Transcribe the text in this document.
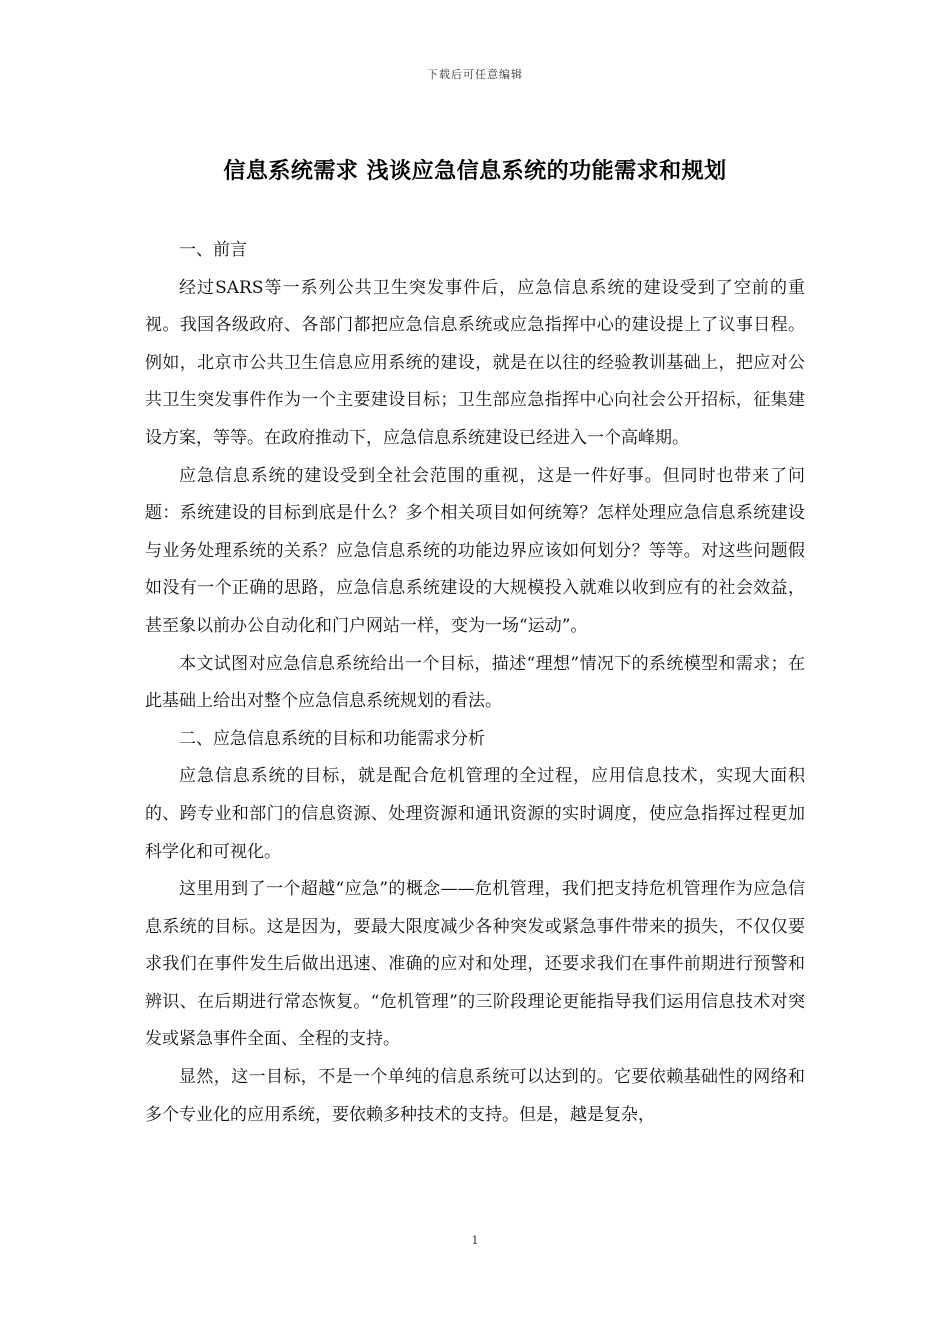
下载后可任意编辑
信息系统需求 浅谈应急信息系统的功能需求和规划

一、前言

经过SARS等一系列公共卫生突发事件后，应急信息系统的建设受到了空前的重视。我国各级政府、各部门都把应急信息系统或应急指挥中心的建设提上了议事日程。例如，北京市公共卫生信息应用系统的建设，就是在以往的经验教训基础上，把应对公共卫生突发事件作为一个主要建设目标；卫生部应急指挥中心向社会公开招标，征集建设方案，等等。在政府推动下，应急信息系统建设已经进入一个高峰期。

应急信息系统的建设受到全社会范围的重视，这是一件好事。但同时也带来了问题：系统建设的目标到底是什么？多个相关项目如何统筹？怎样处理应急信息系统建设与业务处理系统的关系？应急信息系统的功能边界应该如何划分？等等。对这些问题假如没有一个正确的思路，应急信息系统建设的大规模投入就难以收到应有的社会效益，甚至象以前办公自动化和门户网站一样，变为一场“运动”。

本文试图对应急信息系统给出一个目标，描述“理想”情况下的系统模型和需求；在此基础上给出对整个应急信息系统规划的看法。

二、应急信息系统的目标和功能需求分析

应急信息系统的目标，就是配合危机管理的全过程，应用信息技术，实现大面积的、跨专业和部门的信息资源、处理资源和通讯资源的实时调度，使应急指挥过程更加科学化和可视化。

这里用到了一个超越“应急”的概念——危机管理，我们把支持危机管理作为应急信息系统的目标。这是因为，要最大限度减少各种突发或紧急事件带来的损失，不仅仅要求我们在事件发生后做出迅速、准确的应对和处理，还要求我们在事件前期进行预警和辨识、在后期进行常态恢复。“危机管理”的三阶段理论更能指导我们运用信息技术对突发或紧急事件全面、全程的支持。

显然，这一目标，不是一个单纯的信息系统可以达到的。它要依赖基础性的网络和多个专业化的应用系统，要依赖多种技术的支持。但是，越是复杂，

1
